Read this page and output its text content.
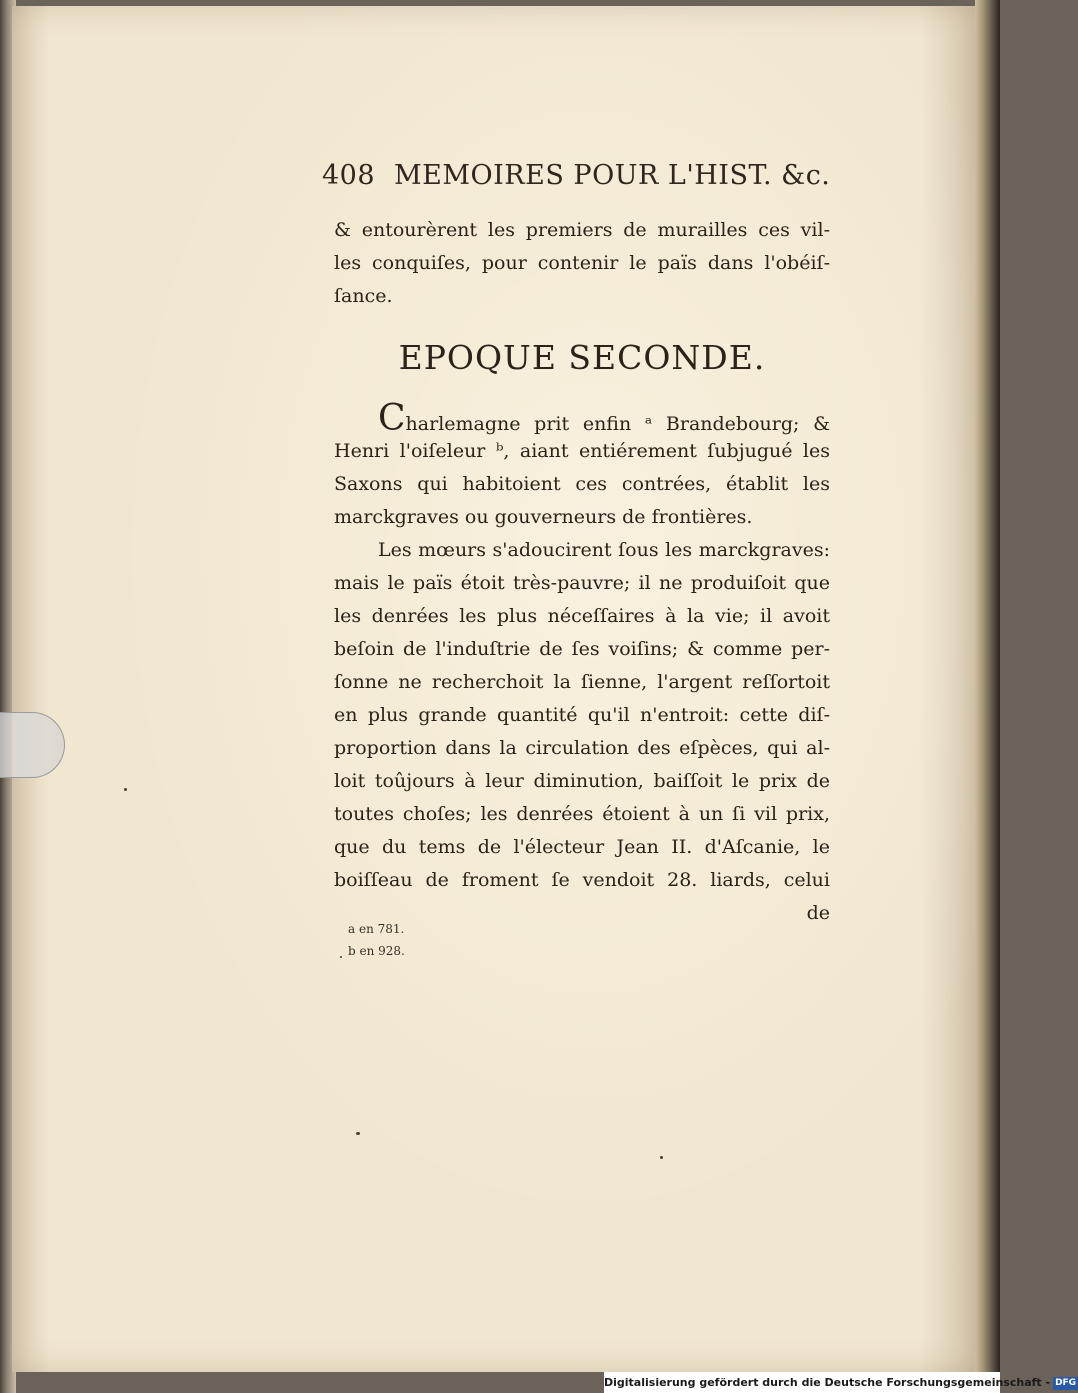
408 MEMOIRES POUR L'HIST. &c.
& entourèrent les premiers de murailles ces vil-
les conquiſes, pour contenir le païs dans l'obéiſ-
ſance.
EPOQUE SECONDE.
Charlemagne prit enfin ᵃ Brandebourg; &
Henri l'oiſeleur ᵇ, aiant entiérement ſubjugué les
Saxons qui habitoient ces contrées, établit les
marckgraves ou gouverneurs de frontières.
Les mœurs s'adoucirent ſous les marckgraves:
mais le païs étoit très-pauvre; il ne produiſoit que
les denrées les plus néceſſaires à la vie; il avoit
beſoin de l'induſtrie de ſes voiſins; & comme per-
ſonne ne recherchoit la ſienne, l'argent reſſortoit
en plus grande quantité qu'il n'entroit: cette diſ-
proportion dans la circulation des eſpèces, qui al-
loit toûjours à leur diminution, baiſſoit le prix de
toutes choſes; les denrées étoient à un ſi vil prix,
que du tems de l'électeur Jean II. d'Aſcanie, le
boiſſeau de froment ſe vendoit 28. liards, celui
de
a en 781.
b en 928.
Digitalisierung gefördert durch die Deutsche Forschungsgemeinschaft - DFG
